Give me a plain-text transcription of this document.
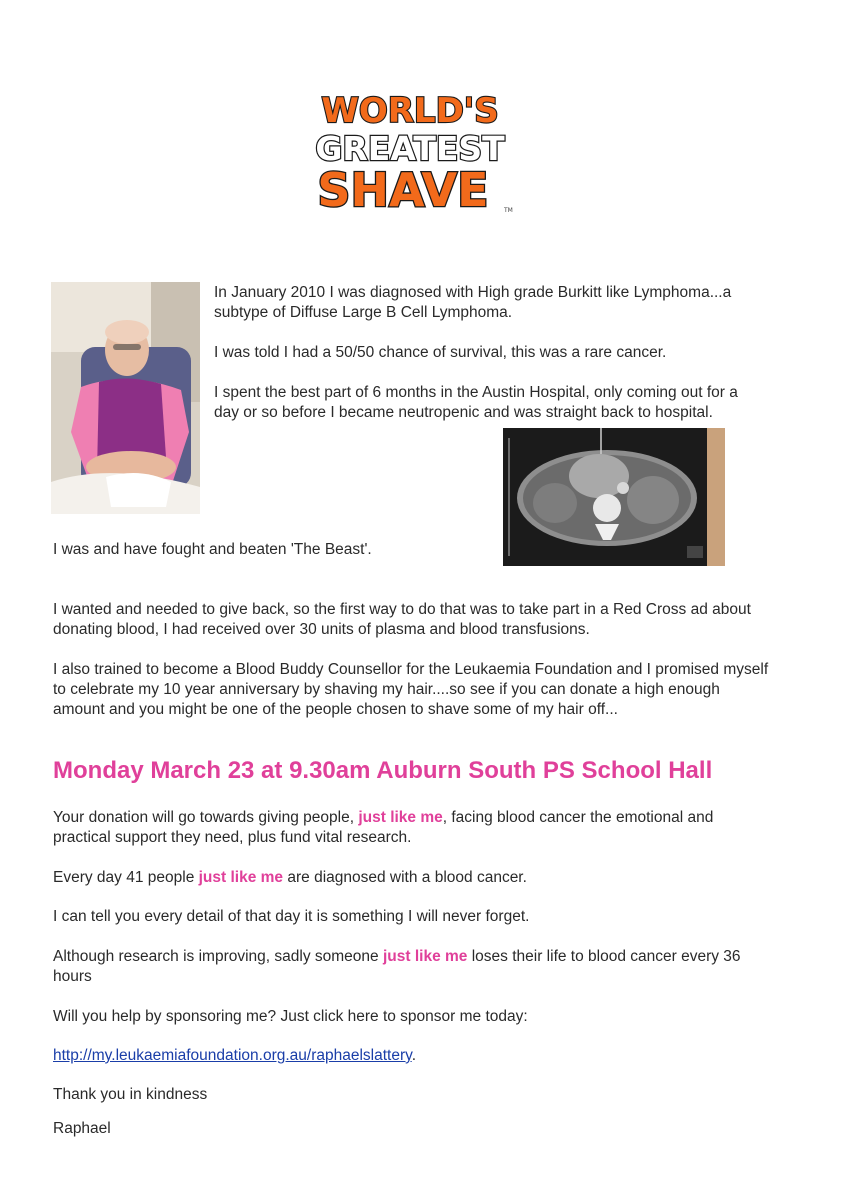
WORLD'S
GREATEST
SHAVE	TM

In January 2010 I was diagnosed with High grade Burkitt like Lymphoma...a subtype of Diffuse Large B Cell Lymphoma.

I was told I had a 50/50 chance of survival, this was a rare cancer.

I spent the best part of 6 months in the Austin Hospital, only coming out for a day or so before I became neutropenic and was straight back to hospital.

I was and have fought and beaten 'The Beast'.

I wanted and needed to give back, so the first way to do that was to take part in a Red Cross ad about donating blood, I had received over 30 units of plasma and blood transfusions.

I also trained to become a Blood Buddy Counsellor for the Leukaemia Foundation and I promised myself to celebrate my 10 year anniversary by shaving my hair....so see if you can donate a high enough amount and you might be one of the people chosen to shave some of my hair off...

Monday March 23 at 9.30am Auburn South PS School Hall

Your donation will go towards giving people, just like me, facing blood cancer the emotional and practical support they need, plus fund vital research.

Every day 41 people just like me are diagnosed with a blood cancer.

I can tell you every detail of that day it is something I will never forget.

Although research is improving, sadly someone just like me loses their life to blood cancer every 36 hours

Will you help by sponsoring me? Just click here to sponsor me today:

http://my.leukaemiafoundation.org.au/raphaelslattery.

Thank you in kindness

Raphael
